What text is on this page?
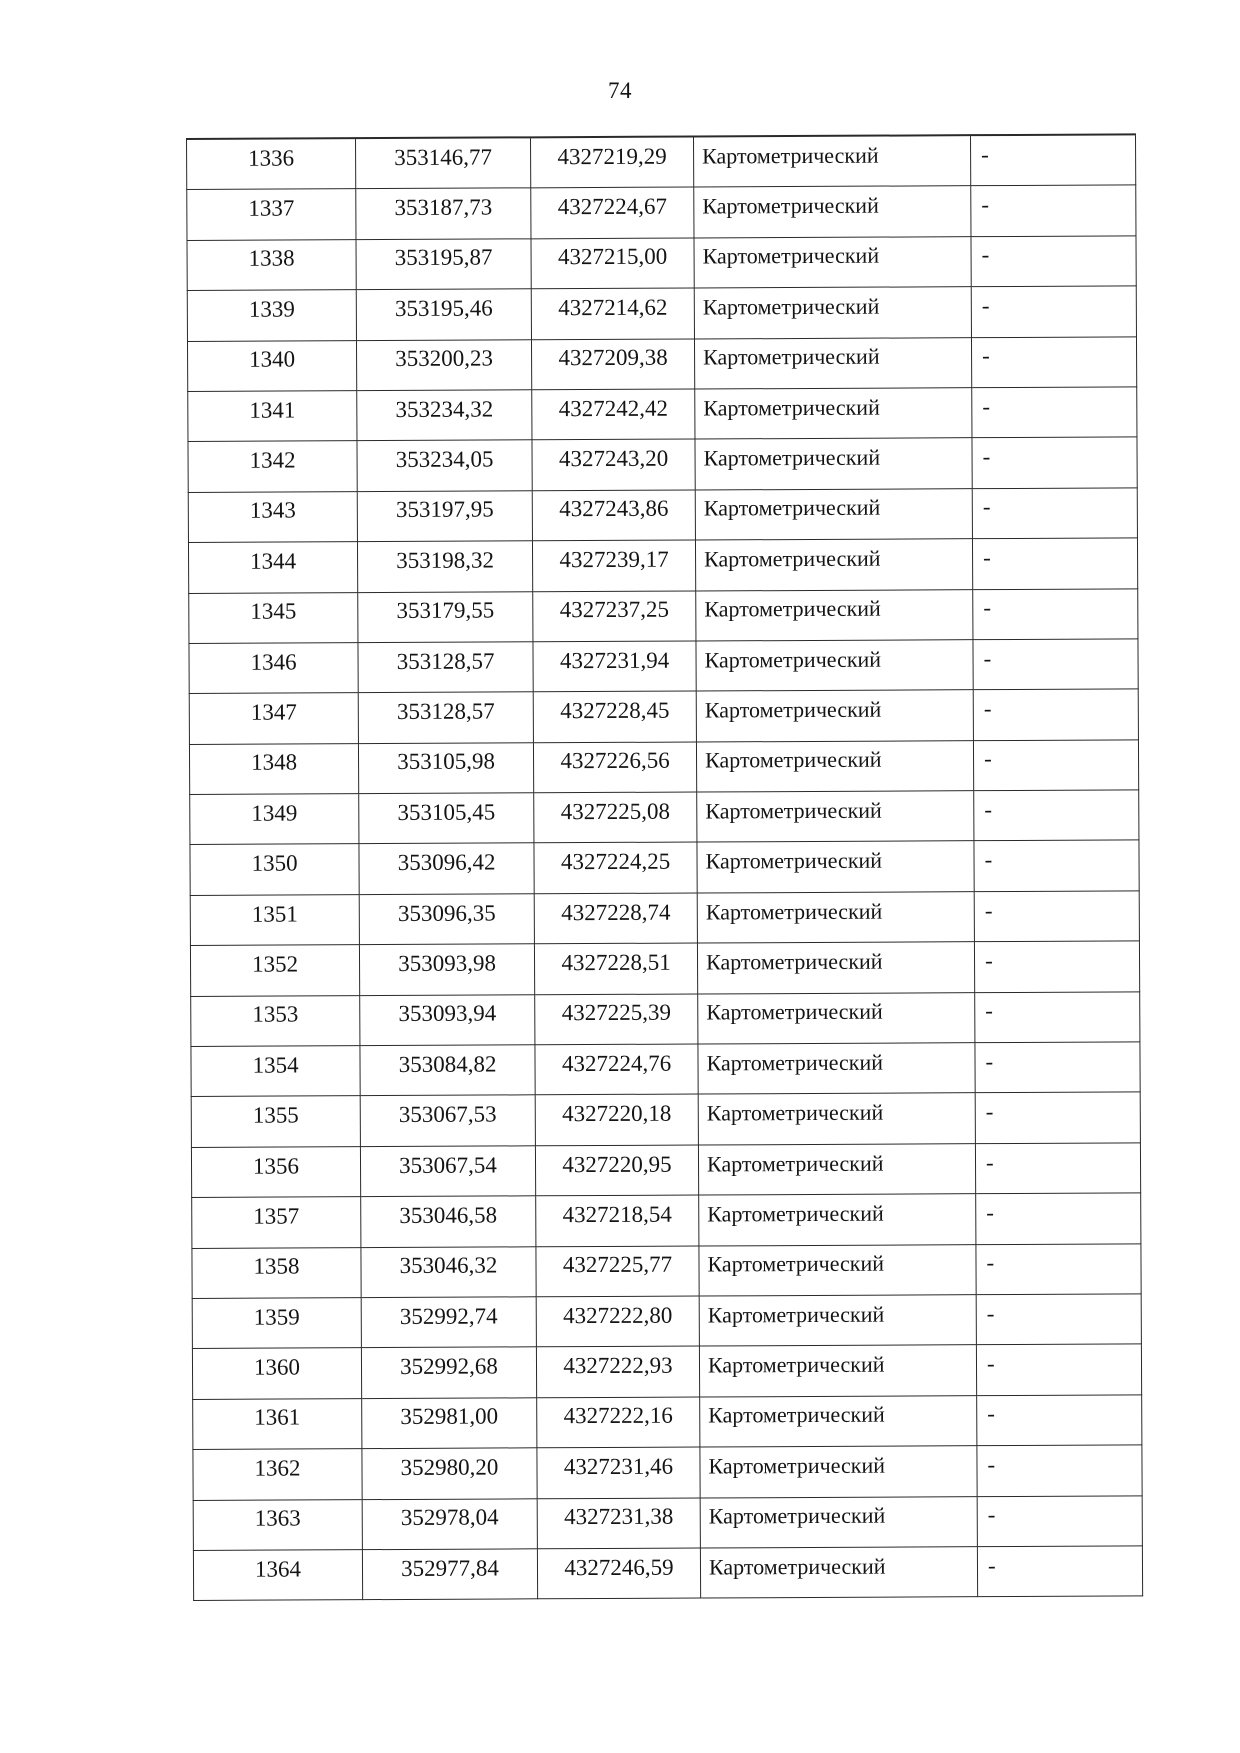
74
1336	353146,77	4327219,29	Картометрический	-
1337	353187,73	4327224,67	Картометрический	-
1338	353195,87	4327215,00	Картометрический	-
1339	353195,46	4327214,62	Картометрический	-
1340	353200,23	4327209,38	Картометрический	-
1341	353234,32	4327242,42	Картометрический	-
1342	353234,05	4327243,20	Картометрический	-
1343	353197,95	4327243,86	Картометрический	-
1344	353198,32	4327239,17	Картометрический	-
1345	353179,55	4327237,25	Картометрический	-
1346	353128,57	4327231,94	Картометрический	-
1347	353128,57	4327228,45	Картометрический	-
1348	353105,98	4327226,56	Картометрический	-
1349	353105,45	4327225,08	Картометрический	-
1350	353096,42	4327224,25	Картометрический	-
1351	353096,35	4327228,74	Картометрический	-
1352	353093,98	4327228,51	Картометрический	-
1353	353093,94	4327225,39	Картометрический	-
1354	353084,82	4327224,76	Картометрический	-
1355	353067,53	4327220,18	Картометрический	-
1356	353067,54	4327220,95	Картометрический	-
1357	353046,58	4327218,54	Картометрический	-
1358	353046,32	4327225,77	Картометрический	-
1359	352992,74	4327222,80	Картометрический	-
1360	352992,68	4327222,93	Картометрический	-
1361	352981,00	4327222,16	Картометрический	-
1362	352980,20	4327231,46	Картометрический	-
1363	352978,04	4327231,38	Картометрический	-
1364	352977,84	4327246,59	Картометрический	-
